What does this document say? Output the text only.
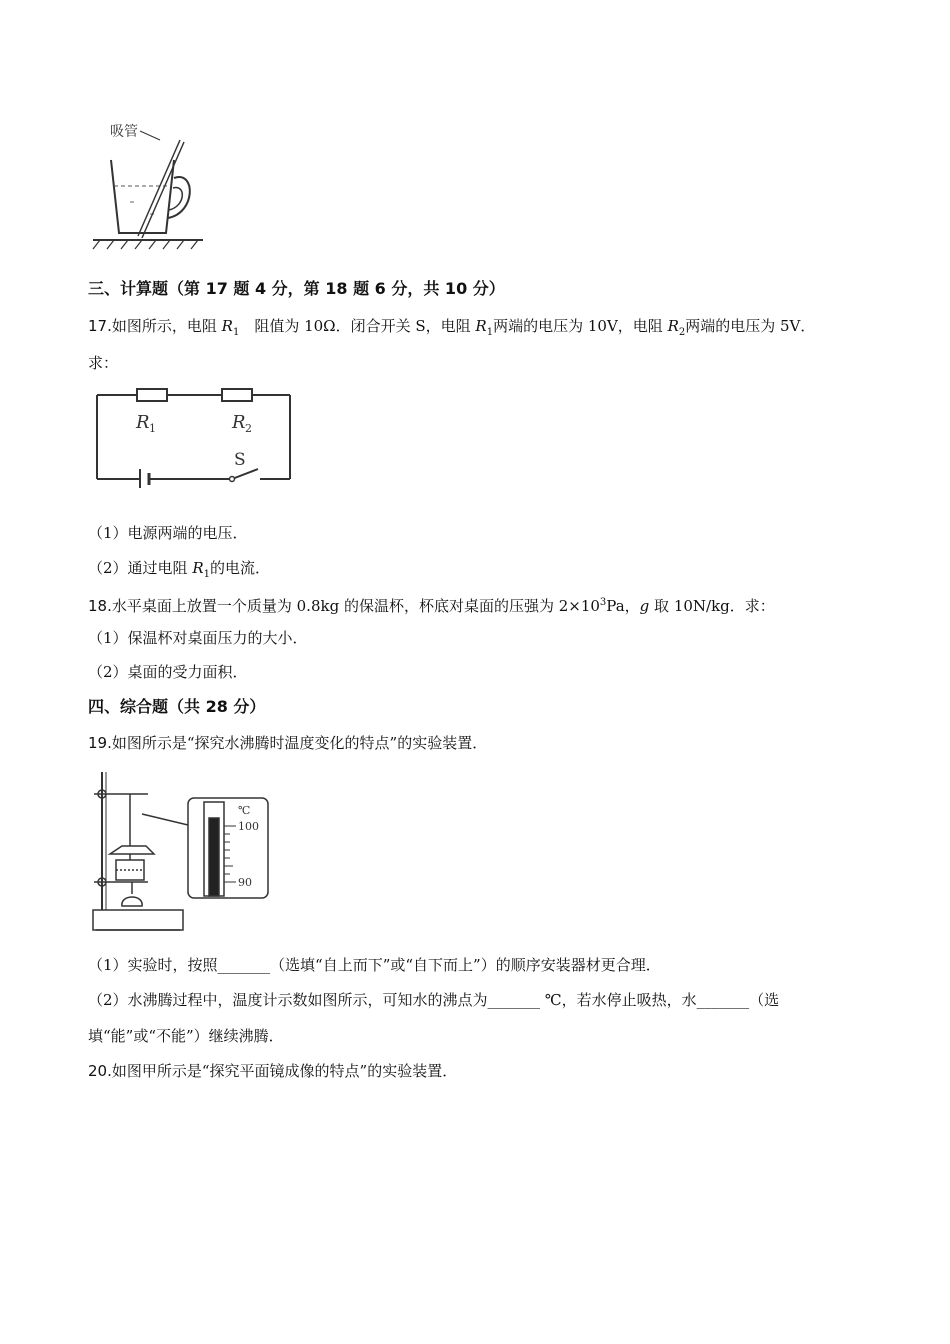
吸管
三、计算题（第 17 题 4 分，第 18 题 6 分，共 10 分）
17.如图所示，电阻 $R_1$　阻值为 10Ω．闭合开关 S，电阻 $R_1$两端的电压为 10V，电阻 $R_2$两端的电压为 5V．
求：
R 1	R 2
S
（1）电源两端的电压．
（2）通过电阻 $R_1$的电流．
18.水平桌面上放置一个质量为 0.8kg 的保温杯，杯底对桌面的压强为 $2\times 10^3Pa$，g 取 10N/kg．求：
（1）保温杯对桌面压力的大小．
（2）桌面的受力面积．
四、综合题（共 28 分）
19.如图所示是“探究水沸腾时温度变化的特点”的实验装置．
℃
100
90
（1）实验时，按照_______（选填“自上而下”或“自下而上”）的顺序安装器材更合理．
（2）水沸腾过程中，温度计示数如图所示，可知水的沸点为_______ ℃，若水停止吸热，水_______（选
填“能”或“不能”）继续沸腾．
20.如图甲所示是“探究平面镜成像的特点”的实验装置．
